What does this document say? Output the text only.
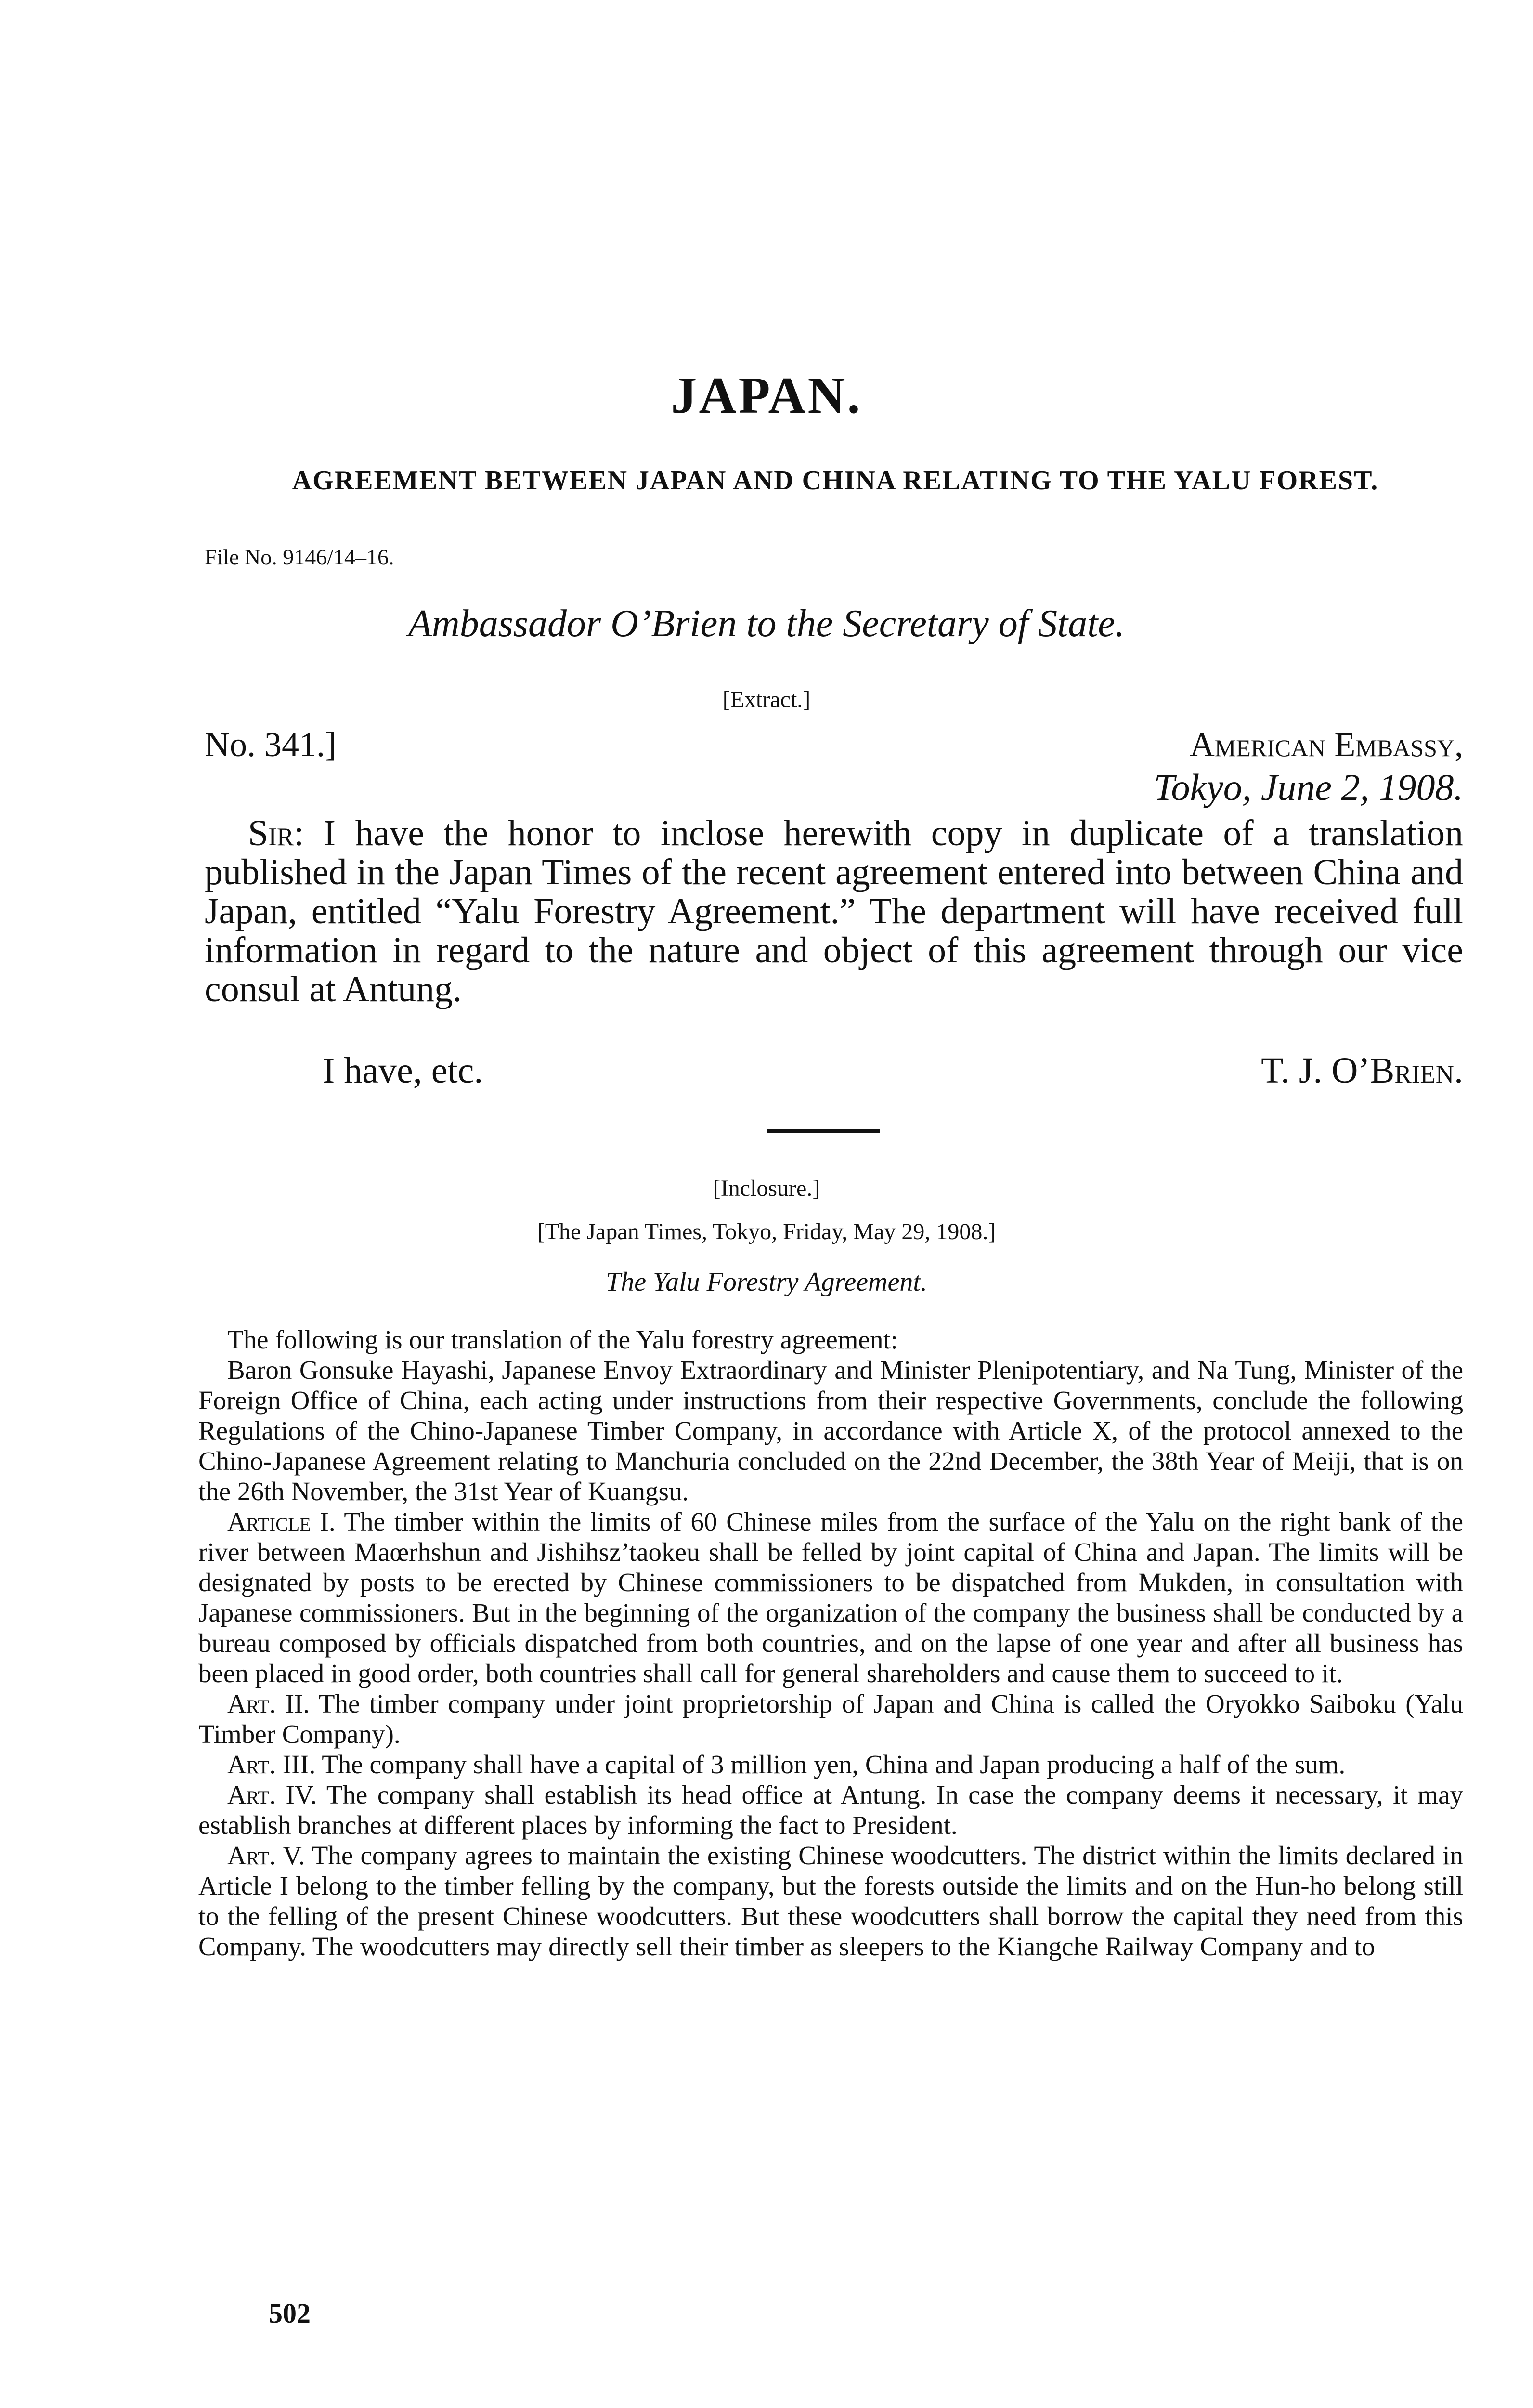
·
JAPAN.
AGREEMENT BETWEEN JAPAN AND CHINA RELATING TO THE YALU FOREST.
File No. 9146/14–16.
Ambassador O’Brien to the Secretary of State.
[Extract.]
No. 341.]	American Embassy,
Tokyo, June 2, 1908.

Sir: I have the honor to inclose herewith copy in duplicate of a translation published in the Japan Times of the recent agreement entered into between China and Japan, entitled “Yalu Forestry Agreement.” The department will have received full information in regard to the nature and object of this agreement through our vice consul at Antung.

I have, etc.	T. J. O’Brien.
[Inclosure.]
[The Japan Times, Tokyo, Friday, May 29, 1908.]
The Yalu Forestry Agreement.

The following is our translation of the Yalu forestry agreement:

Baron Gonsuke Hayashi, Japanese Envoy Extraordinary and Minister Plenipotentiary, and Na Tung, Minister of the Foreign Office of China, each acting under instructions from their respective Governments, conclude the following Regulations of the Chino-Japanese Timber Company, in accordance with Article X, of the protocol annexed to the Chino-Japanese Agreement relating to Manchuria concluded on the 22nd December, the 38th Year of Meiji, that is on the 26th November, the 31st Year of Kuangsu.

Article I. The timber within the limits of 60 Chinese miles from the surface of the Yalu on the right bank of the river between Maœrhshun and Jishihsz’taokeu shall be felled by joint capital of China and Japan. The limits will be designated by posts to be erected by Chinese commissioners to be dispatched from Mukden, in consultation with Japanese commissioners. But in the beginning of the organization of the company the business shall be conducted by a bureau composed by officials dispatched from both countries, and on the lapse of one year and after all business has been placed in good order, both countries shall call for general shareholders and cause them to succeed to it.

Art. II. The timber company under joint proprietorship of Japan and China is called the Oryokko Saiboku (Yalu Timber Company).

Art. III. The company shall have a capital of 3 million yen, China and Japan producing a half of the sum.

Art. IV. The company shall establish its head office at Antung. In case the company deems it necessary, it may establish branches at different places by informing the fact to President.

Art. V. The company agrees to maintain the existing Chinese woodcutters. The district within the limits declared in Article I belong to the timber felling by the company, but the forests outside the limits and on the Hun-ho belong still to the felling of the present Chinese woodcutters. But these woodcutters shall borrow the capital they need from this Company. The woodcutters may directly sell their timber as sleepers to the Kiangche Railway Company and to

502
